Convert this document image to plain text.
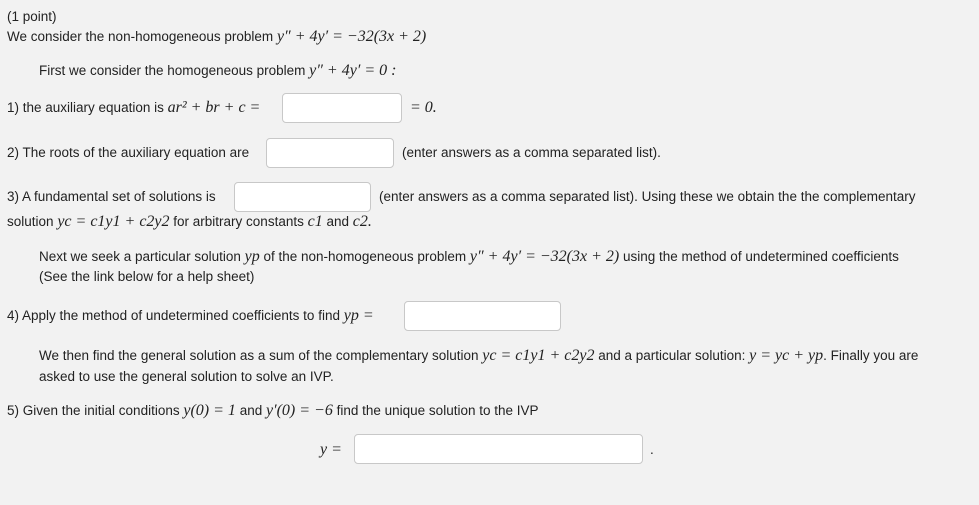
(1 point)
We consider the non-homogeneous problem y″ + 4y′ = −32(3x + 2)
First we consider the homogeneous problem y″ + 4y′ = 0 :
1) the auxiliary equation is ar² + br + c =	= 0.
2) The roots of the auxiliary equation are	(enter answers as a comma separated list).
3) A fundamental set of solutions is	(enter answers as a comma separated list). Using these we obtain the the complementary
solution yc = c1y1 + c2y2 for arbitrary constants c1 and c2.
Next we seek a particular solution yp of the non-homogeneous problem y″ + 4y′ = −32(3x + 2) using the method of undetermined coefficients
(See the link below for a help sheet)
4) Apply the method of undetermined coefficients to find yp =
We then find the general solution as a sum of the complementary solution yc = c1y1 + c2y2 and a particular solution: y = yc + yp. Finally you are
asked to use the general solution to solve an IVP.
5) Given the initial conditions y(0) = 1 and y′(0) = −6 find the unique solution to the IVP
y =	.
